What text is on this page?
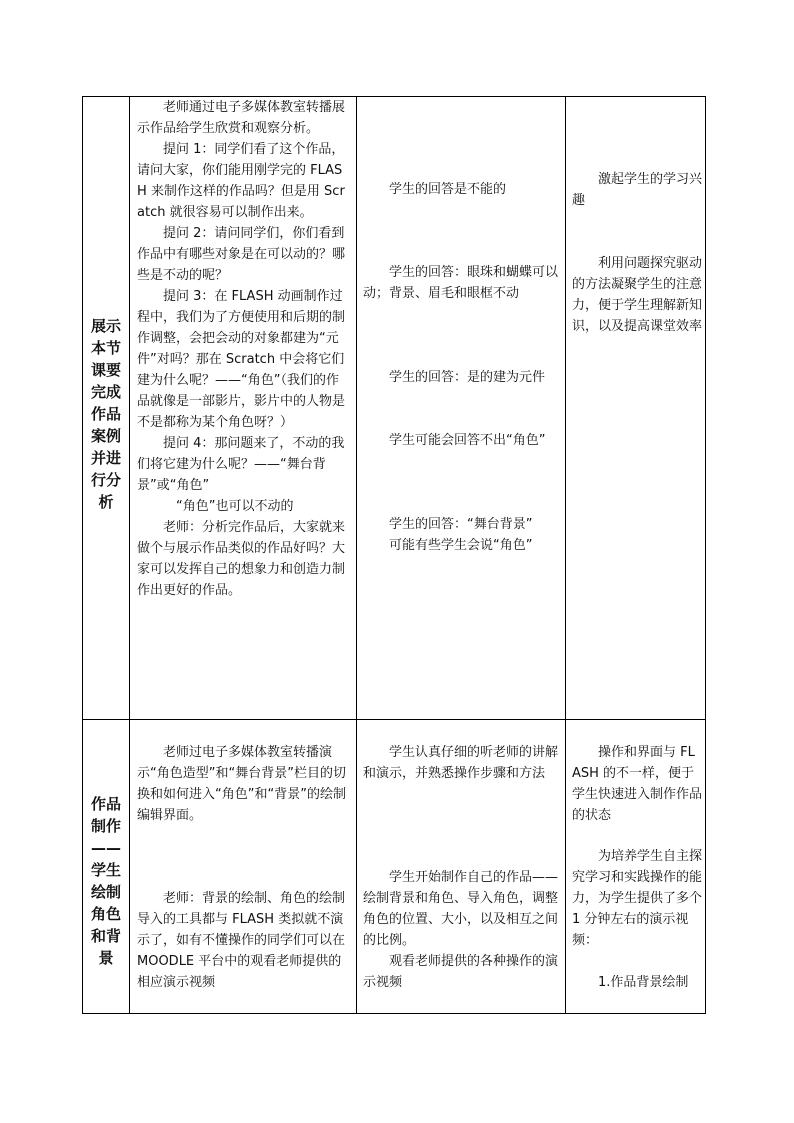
展示本节课要完成作品案例并进行分析

老师通过电子多媒体教室转播展示作品给学生欣赏和观察分析。

提问 1：同学们看了这个作品，请问大家，你们能用刚学完的 FLASH 来制作这样的作品吗？但是用 Scratch 就很容易可以制作出来。

提问 2：请问同学们，你们看到作品中有哪些对象是在可以动的？哪些是不动的呢？

提问 3：在 FLASH 动画制作过程中，我们为了方便使用和后期的制作调整，会把会动的对象都建为“元件”对吗？那在 Scratch 中会将它们建为什么呢？——“角色”（我们的作品就像是一部影片，影片中的人物是不是都称为某个角色呀？）

提问 4：那问题来了，不动的我们将它建为什么呢？——“舞台背景”或“角色”

“角色”也可以不动的

老师：分析完作品后，大家就来做个与展示作品类似的作品好吗？大家可以发挥自己的想象力和创造力制作出更好的作品。

学生的回答是不能的

学生的回答：眼珠和蝴蝶可以动；背景、眉毛和眼框不动

学生的回答：是的建为元件

学生可能会回答不出“角色”

学生的回答：“舞台背景”

可能有些学生会说“角色”

激起学生的学习兴趣

利用问题探究驱动的方法凝聚学生的注意力，便于学生理解新知识，以及提高课堂效率

作品制作
——
学生绘制角色和背景

老师过电子多媒体教室转播演示“角色造型”和“舞台背景”栏目的切换和如何进入“角色”和“背景”的绘制编辑界面。

老师：背景的绘制、角色的绘制导入的工具都与 FLASH 类拟就不演示了，如有不懂操作的同学们可以在 MOODLE 平台中的观看老师提供的相应演示视频

学生认真仔细的听老师的讲解和演示，并熟悉操作步骤和方法

学生开始制作自己的作品——绘制背景和角色、导入角色，调整角色的位置、大小，以及相互之间的比例。

观看老师提供的各种操作的演示视频

操作和界面与 FLASH 的不一样，便于学生快速进入制作作品的状态

为培养学生自主探究学习和实践操作的能力，为学生提供了多个 1 分钟左右的演示视频：

1.作品背景绘制
